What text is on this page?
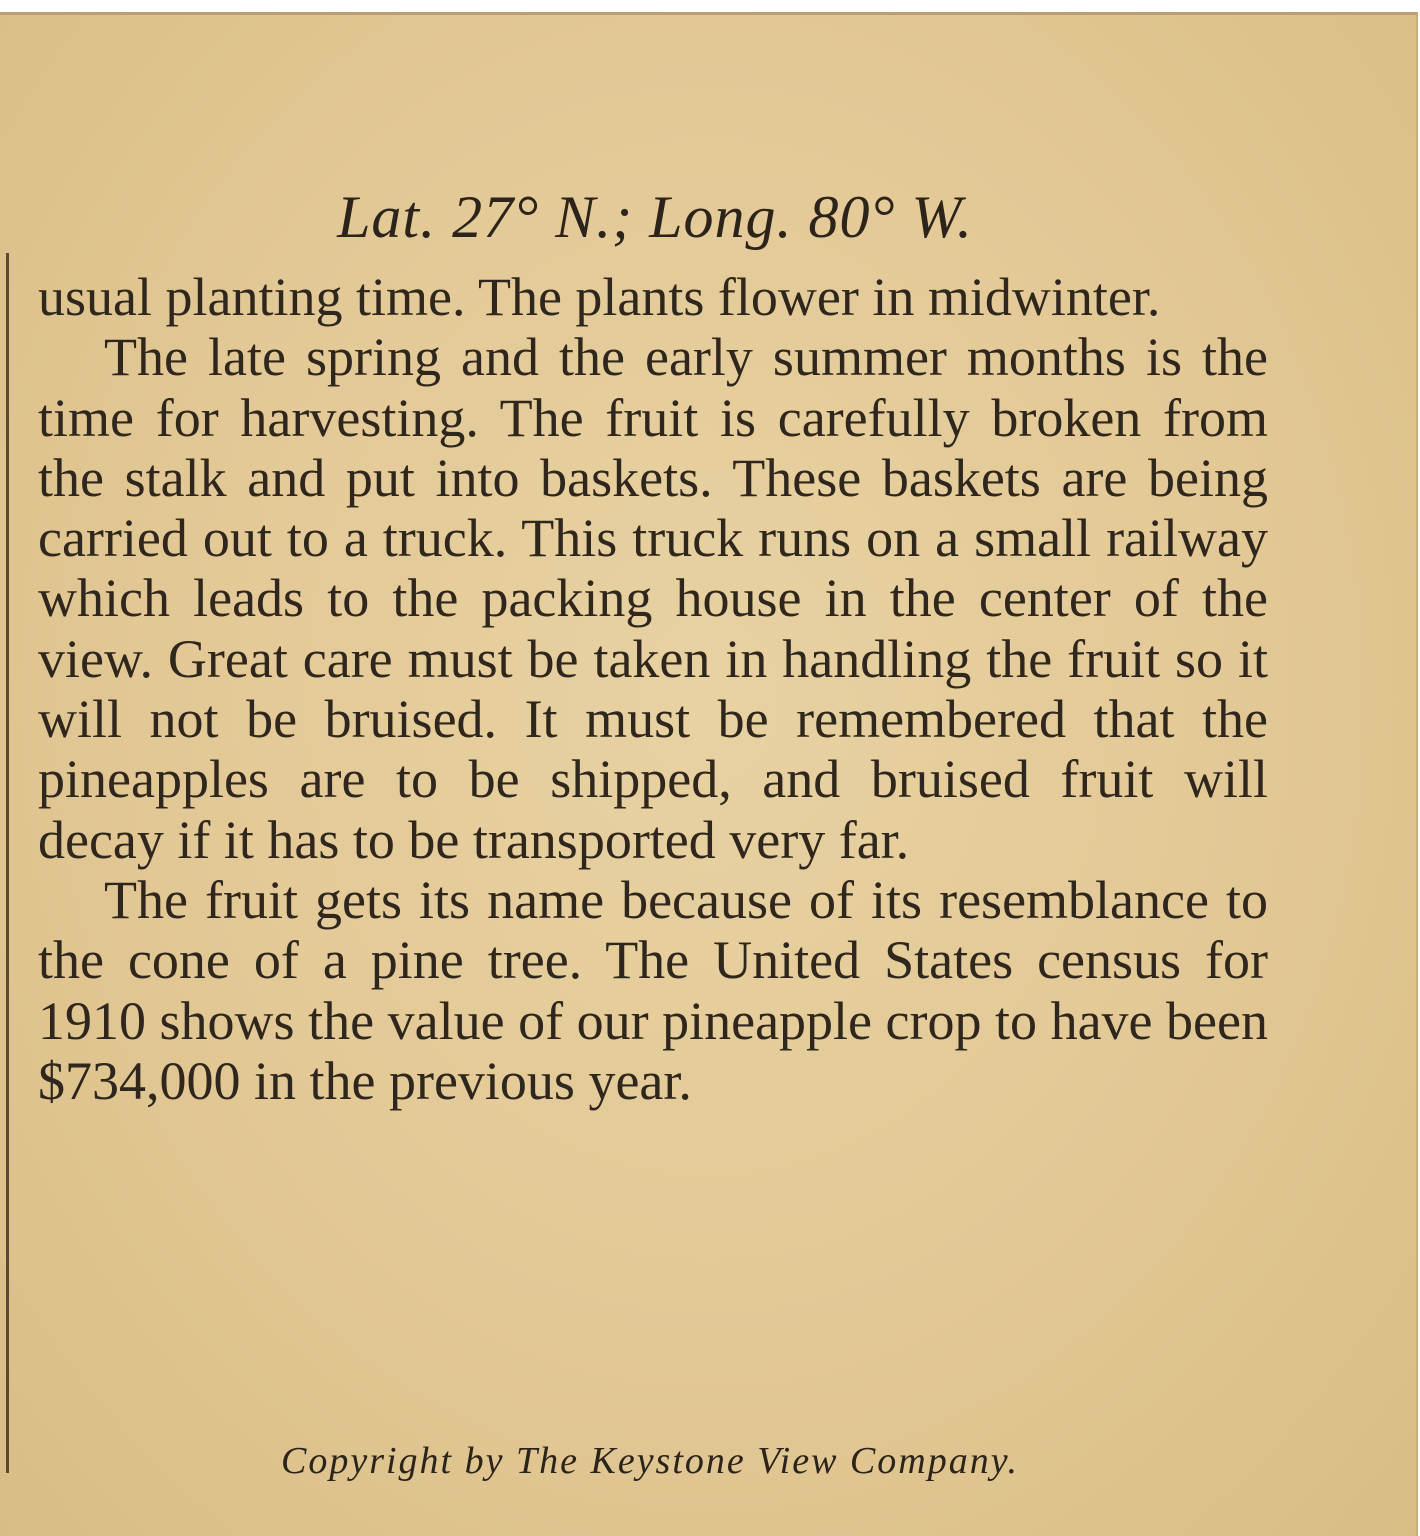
Lat. 27° N.; Long. 80° W.

usual planting time. The plants flower in midwinter.

The late spring and the early summer months is the time for harvesting. The fruit is carefully broken from the stalk and put into baskets. These baskets are being carried out to a truck. This truck runs on a small railway which leads to the packing house in the center of the view. Great care must be taken in handling the fruit so it will not be bruised. It must be remembered that the pineapples are to be shipped, and bruised fruit will decay if it has to be transported very far.

The fruit gets its name because of its resemblance to the cone of a pine tree. The United States census for 1910 shows the value of our pineapple crop to have been $734,000 in the previous year.

Copyright by The Keystone View Company.
